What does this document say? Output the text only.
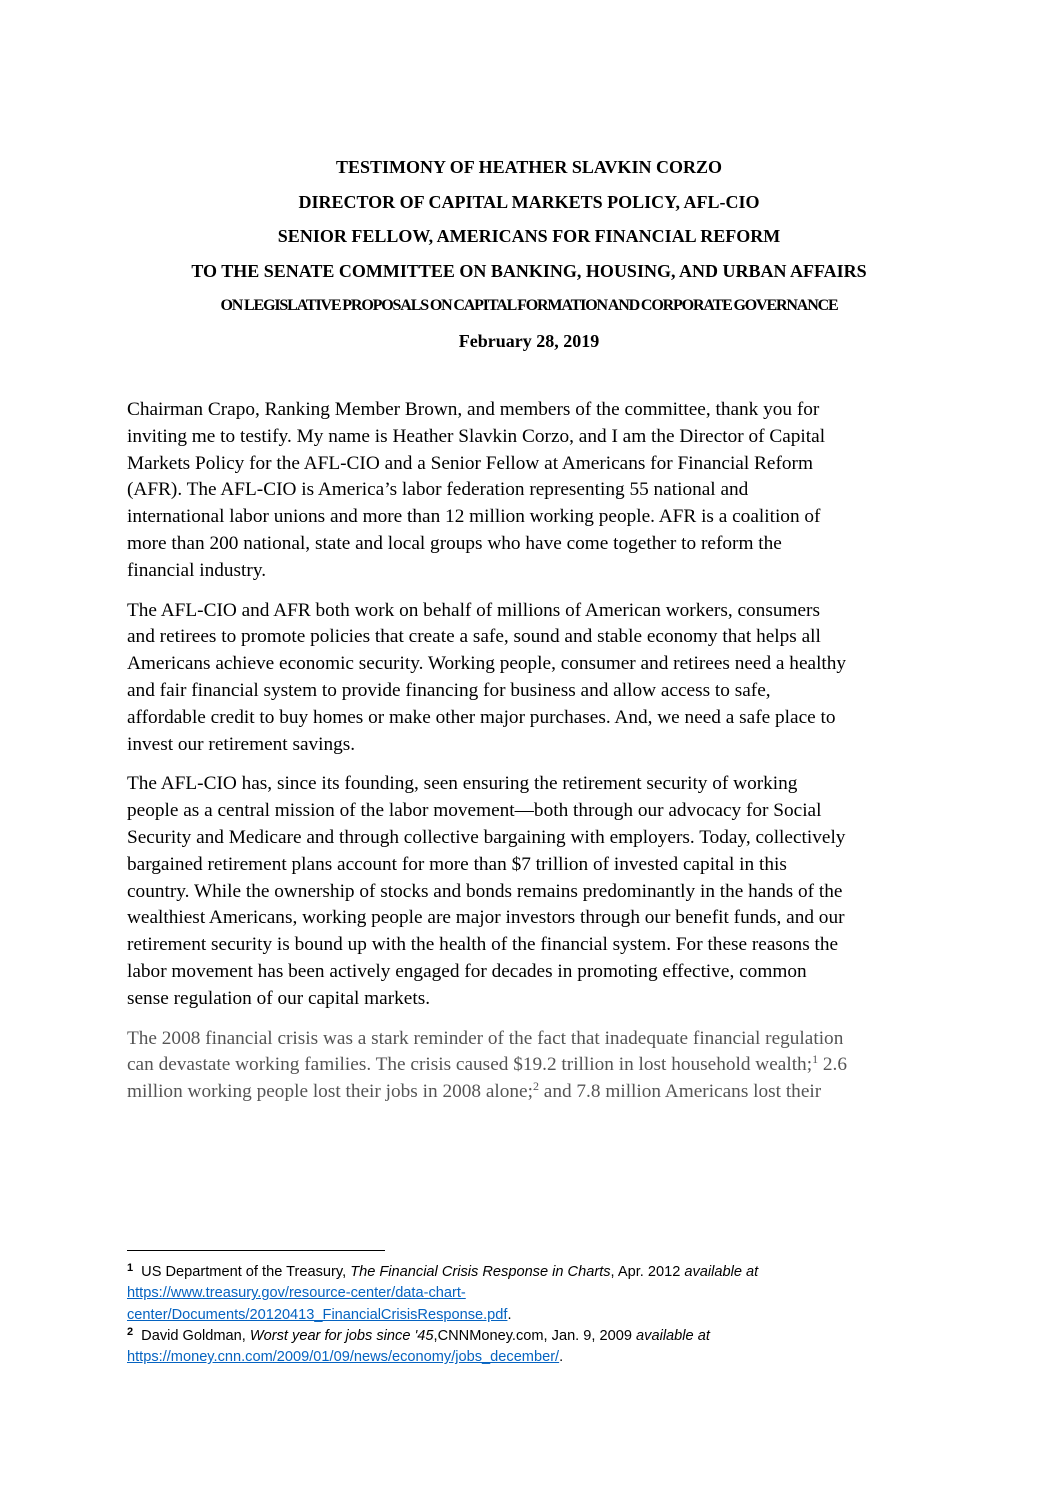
TESTIMONY OF HEATHER SLAVKIN CORZO
DIRECTOR OF CAPITAL MARKETS POLICY, AFL-CIO
SENIOR FELLOW, AMERICANS FOR FINANCIAL REFORM
TO THE SENATE COMMITTEE ON BANKING, HOUSING, AND URBAN AFFAIRS
ON LEGISLATIVE PROPOSALS ON CAPITAL FORMATION AND CORPORATE GOVERNANCE
February 28, 2019

Chairman Crapo, Ranking Member Brown, and members of the committee, thank you for
inviting me to testify. My name is Heather Slavkin Corzo, and I am the Director of Capital
Markets Policy for the AFL-CIO and a Senior Fellow at Americans for Financial Reform
(AFR). The AFL-CIO is America’s labor federation representing 55 national and
international labor unions and more than 12 million working people. AFR is a coalition of
more than 200 national, state and local groups who have come together to reform the
financial industry.

The AFL-CIO and AFR both work on behalf of millions of American workers, consumers
and retirees to promote policies that create a safe, sound and stable economy that helps all
Americans achieve economic security. Working people, consumer and retirees need a healthy
and fair financial system to provide financing for business and allow access to safe,
affordable credit to buy homes or make other major purchases. And, we need a safe place to
invest our retirement savings.

The AFL-CIO has, since its founding, seen ensuring the retirement security of working
people as a central mission of the labor movement—both through our advocacy for Social
Security and Medicare and through collective bargaining with employers. Today, collectively
bargained retirement plans account for more than $7 trillion of invested capital in this
country. While the ownership of stocks and bonds remains predominantly in the hands of the
wealthiest Americans, working people are major investors through our benefit funds, and our
retirement security is bound up with the health of the financial system. For these reasons the
labor movement has been actively engaged for decades in promoting effective, common
sense regulation of our capital markets.

The 2008 financial crisis was a stark reminder of the fact that inadequate financial regulation
can devastate working families. The crisis caused $19.2 trillion in lost household wealth;$^1$ 2.6
million working people lost their jobs in 2008 alone;$^2$ and 7.8 million Americans lost their

$^1$ US Department of the Treasury, The Financial Crisis Response in Charts, Apr. 2012 available at
https://www.treasury.gov/resource-center/data-chart-
center/Documents/20120413_FinancialCrisisResponse.pdf.
$^2$ David Goldman, Worst year for jobs since '45,CNNMoney.com, Jan. 9, 2009 available at
https://money.cnn.com/2009/01/09/news/economy/jobs_december/.
